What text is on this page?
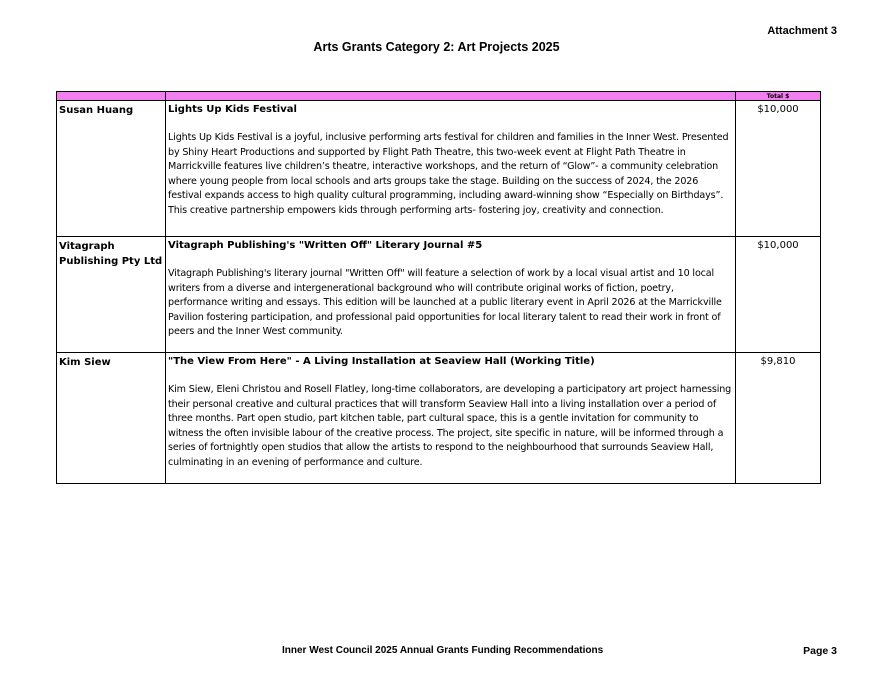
Attachment 3
Arts Grants Category 2: Art Projects 2025
		Total $

Susan Huang	Lights Up Kids Festival
Lights Up Kids Festival is a joyful, inclusive performing arts festival for children and families in the Inner West. Presented by Shiny Heart Productions and supported by Flight Path Theatre, this two-week event at Flight Path Theatre in Marrickville features live children’s theatre, interactive workshops, and the return of “Glow”- a community celebration where young people from local schools and arts groups take the stage. Building on the success of 2024, the 2026 festival expands access to high quality cultural programming, including award-winning show “Especially on Birthdays”. This creative partnership empowers kids through performing arts- fostering joy, creativity and connection.	$10,000

Vitagraph Publishing Pty Ltd	Vitagraph Publishing's "Written Off" Literary Journal #5
Vitagraph Publishing's literary journal "Written Off" will feature a selection of work by a local visual artist and 10 local writers from a diverse and intergenerational background who will contribute original works of fiction, poetry, performance writing and essays. This edition will be launched at a public literary event in April 2026 at the Marrickville Pavilion fostering participation, and professional paid opportunities for local literary talent to read their work in front of peers and the Inner West community.	$10,000

Kim Siew	"The View From Here" - A Living Installation at Seaview Hall (Working Title)
Kim Siew, Eleni Christou and Rosell Flatley, long-time collaborators, are developing a participatory art project harnessing their personal creative and cultural practices that will transform Seaview Hall into a living installation over a period of three months. Part open studio, part kitchen table, part cultural space, this is a gentle invitation for community to witness the often invisible labour of the creative process. The project, site specific in nature, will be informed through a series of fortnightly open studios that allow the artists to respond to the neighbourhood that surrounds Seaview Hall, culminating in an evening of performance and culture.	$9,810
Inner West Council 2025 Annual Grants Funding Recommendations	Page 3
